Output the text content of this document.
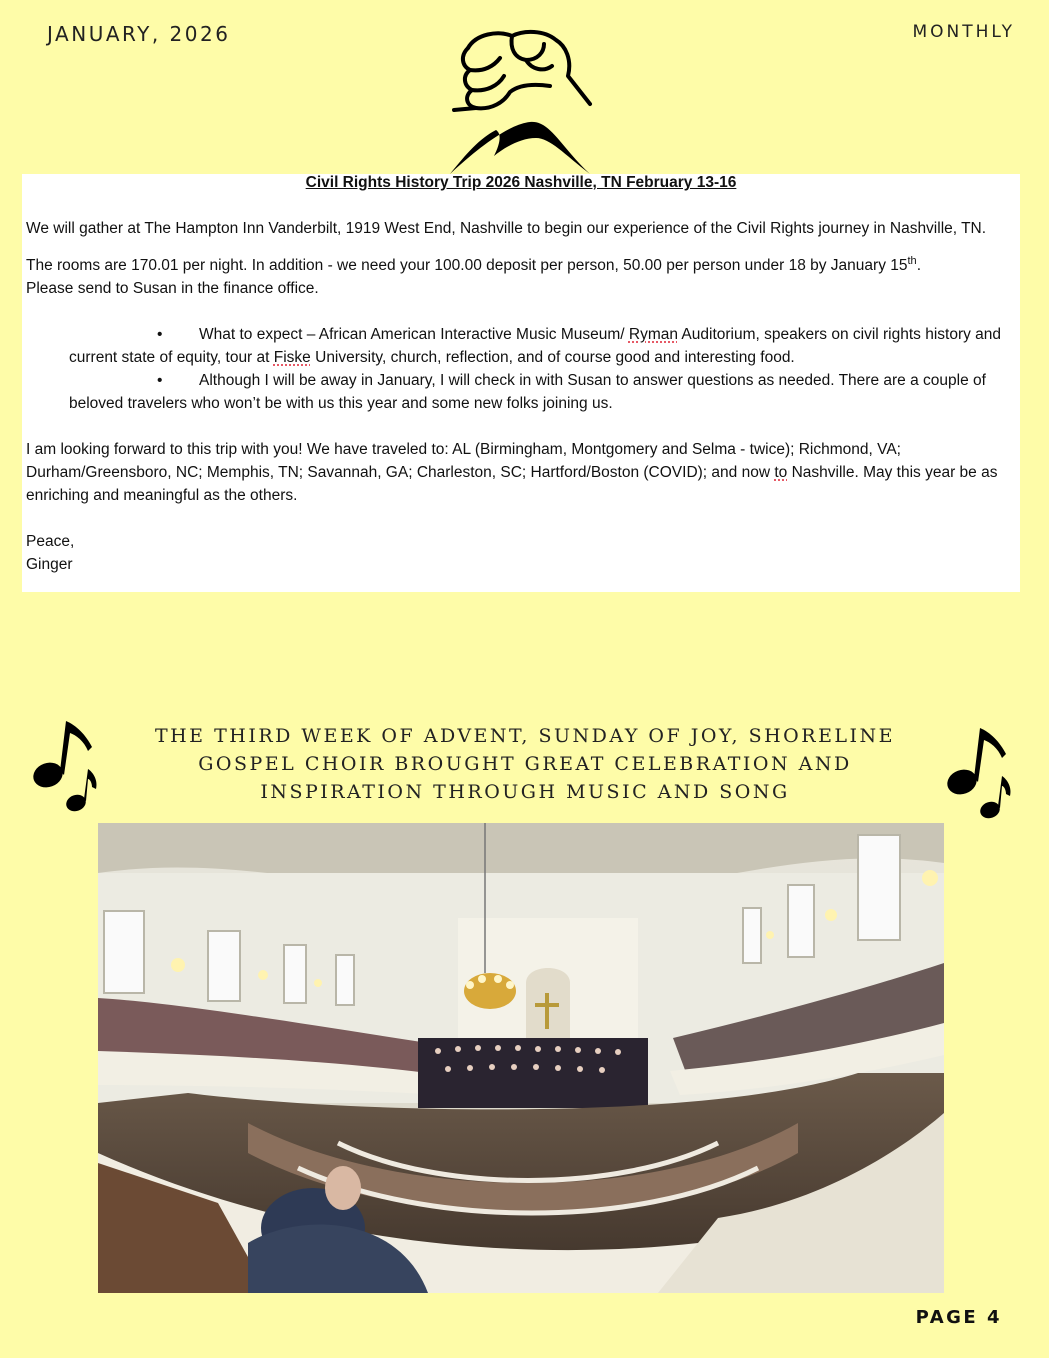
JANUARY, 2026	MONTHLY
Civil Rights History Trip 2026 Nashville, TN February 13-16

We will gather at The Hampton Inn Vanderbilt, 1919 West End, Nashville to begin our experience of the Civil Rights journey in Nashville, TN.

The rooms are 170.01 per night. In addition - we need your 100.00 deposit per person, 50.00 per person under 18 by January 15th.
Please send to Susan in the finance office.

• What to expect – African American Interactive Music Museum/ Ryman Auditorium, speakers on civil rights history and current state of equity, tour at Fiske University, church, reflection, and of course good and interesting food.

• Although I will be away in January, I will check in with Susan to answer questions as needed. There are a couple of beloved travelers who won’t be with us this year and some new folks joining us.

I am looking forward to this trip with you! We have traveled to: AL (Birmingham, Montgomery and Selma - twice); Richmond, VA; Durham/Greensboro, NC; Memphis, TN; Savannah, GA; Charleston, SC; Hartford/Boston (COVID); and now to Nashville. May this year be as enriching and meaningful as the others.

Peace,

Ginger

THE THIRD WEEK OF ADVENT, SUNDAY OF JOY, SHORELINE GOSPEL CHOIR BROUGHT GREAT CELEBRATION AND INSPIRATION THROUGH MUSIC AND SONG
PAGE 4
